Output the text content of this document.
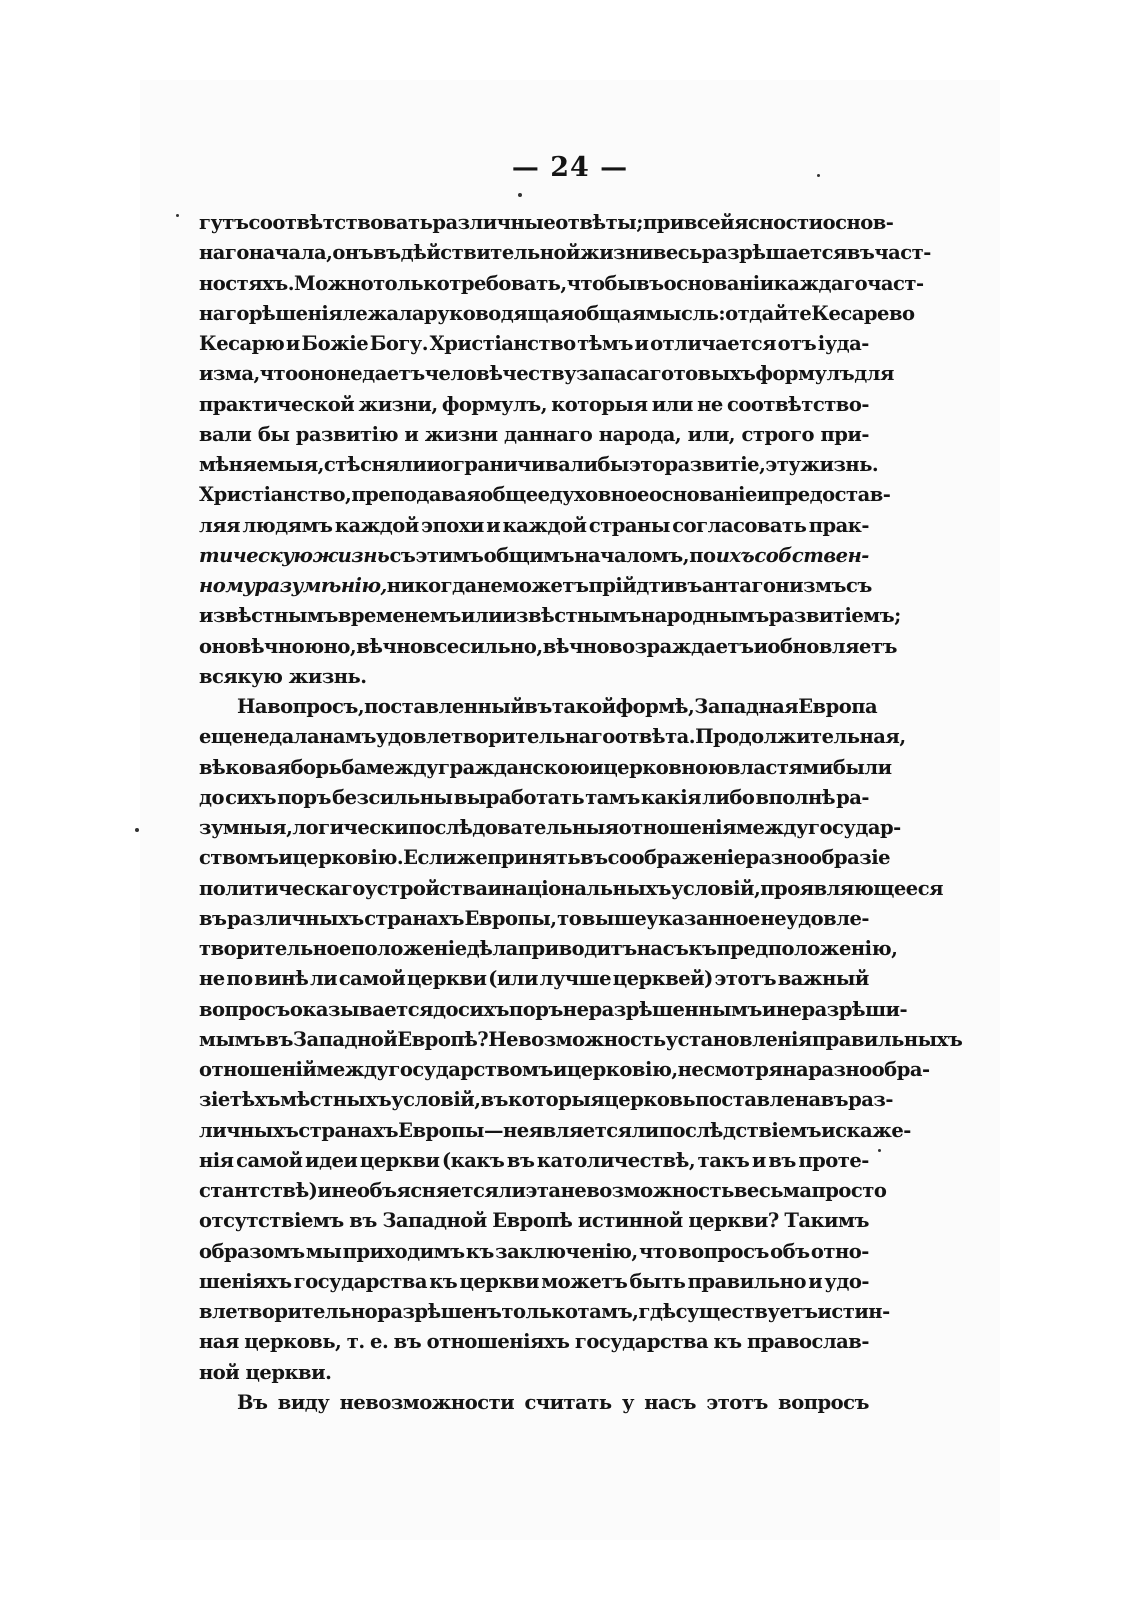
— 24 —
гутъ соотвѣтствовать различные отвѣты; при всей ясности основ-
наго начала, онъ въ дѣйствительной жизни весь разрѣшается въ част-
ностяхъ. Можно только требовать, чтобы въ основаніи каждаго част-
наго рѣшенія лежала руководящая общая мысль: отдайте Кесарево
Кесарю и Божіе Богу. Христіанство тѣмъ и отличается отъ іуда-
изма, что оно не даетъ человѣчеству запаса готовыхъ формулъ для
практической жизни, формулъ, которыя или не соотвѣтство-
вали бы развитію и жизни даннаго народа, или, строго при-
мѣняемыя, стѣсняли и ограничивали бы это развитіе, эту жизнь.
Христіанство, преподавая общее духовное основаніе и предостав-
ляя людямъ каждой эпохи и каждой страны согласовать прак-
тическую жизнь съ этимъ общимъ началомъ, по ихъ собствен-
ному разумѣнію, никогда не можетъ прійдти въ антагонизмъ съ
извѣстнымъ временемъ или извѣстнымъ народнымъ развитіемъ;
оно вѣчно юно, вѣчно всесильно, вѣчно возраждаетъ и обновляетъ
всякую жизнь.
На вопросъ, поставленный въ такой формѣ, Западная Европа
еще не дала намъ удовлетворительнаго отвѣта. Продолжительная,
вѣковая борьба между гражданскою и церковною властями были
до сихъ поръ безсильны выработать тамъ какія либо вполнѣ ра-
зумныя, логически послѣдовательныя отношенія между государ-
ствомъ и церковію. Если же принять въ соображеніе разнообразіе
политическаго устройства и національныхъ условій, проявляющееся
въ различныхъ странахъ Европы, то вышеуказанное неудовле-
творительное положеніе дѣла приводитъ насъ къ предположенію,
не по винѣ ли самой церкви (или лучше церквей) этотъ важный
вопросъ оказывается до сихъ поръ неразрѣшеннымъ и неразрѣши-
мымъ въ Западной Европѣ? Невозможность установленія правильныхъ
отношеній между государствомъ и церковію, несмотря на разнообра-
зіе тѣхъ мѣстныхъ условій, въ которыя церковь поставлена въ раз-
личныхъ странахъ Европы — не является ли послѣдствіемъ искаже-
нія самой идеи церкви (какъ въ католичествѣ, такъ и въ проте-
стантствѣ) и не объясняется ли эта невозможность весьма просто
отсутствіемъ въ Западной Европѣ истинной церкви? Такимъ
образомъ мы приходимъ къ заключенію, что вопросъ объ отно-
шеніяхъ государства къ церкви можетъ быть правильно и удо-
влетворительно разрѣшенъ только тамъ, гдѣ существуетъ истин-
ная церковь, т. е. въ отношеніяхъ государства къ православ-
ной церкви.
Въ виду невозможности считать у насъ этотъ вопросъ
